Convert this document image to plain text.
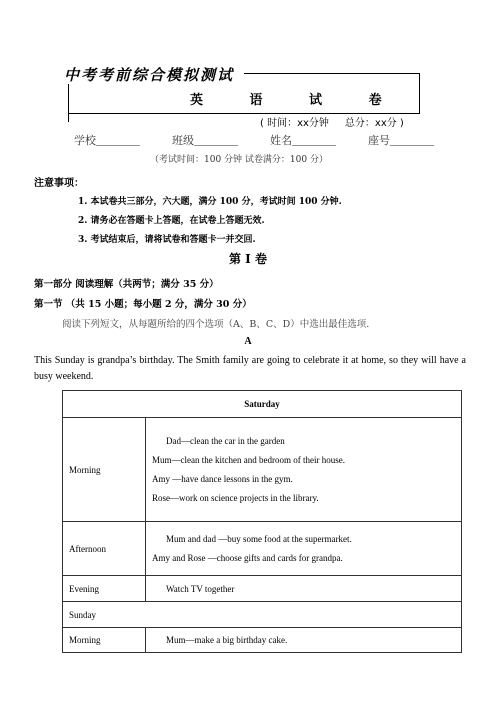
中考考前综合模拟测试
英 语 试 卷
( 时间：xx分钟 总分：xx分 )
学校________	班级________	姓名________	座号________
（考试时间：100 分钟 试卷满分：100 分）
注意事项：
1. 本试卷共三部分，六大题，满分 100 分，考试时间 100 分钟.
2. 请务必在答题卡上答题，在试卷上答题无效.
3. 考试结束后，请将试卷和答题卡一并交回.
第 I 卷
第一部分 阅读理解（共两节；满分 35 分）
第一节 （共 15 小题；每小题 2 分，满分 30 分）
阅读下列短文，从每题所给的四个选项（A、B、C、D）中选出最佳选项.
A
This Sunday is grandpa’s birthday. The Smith family are going to celebrate it at home, so they will have a busy weekend.
Saturday	
Morning	Dad—clean the car in the garden
Mum—clean the kitchen and bedroom of their house.
Amy —have dance lessons in the gym.
Rose—work on science projects in the library.

Afternoon	Mum and dad —buy some food at the supermarket.
Amy and Rose —choose gifts and cards for grandpa.

Evening	Watch TV together
Sunday	
Morning	Mum—make a big birthday cake.
